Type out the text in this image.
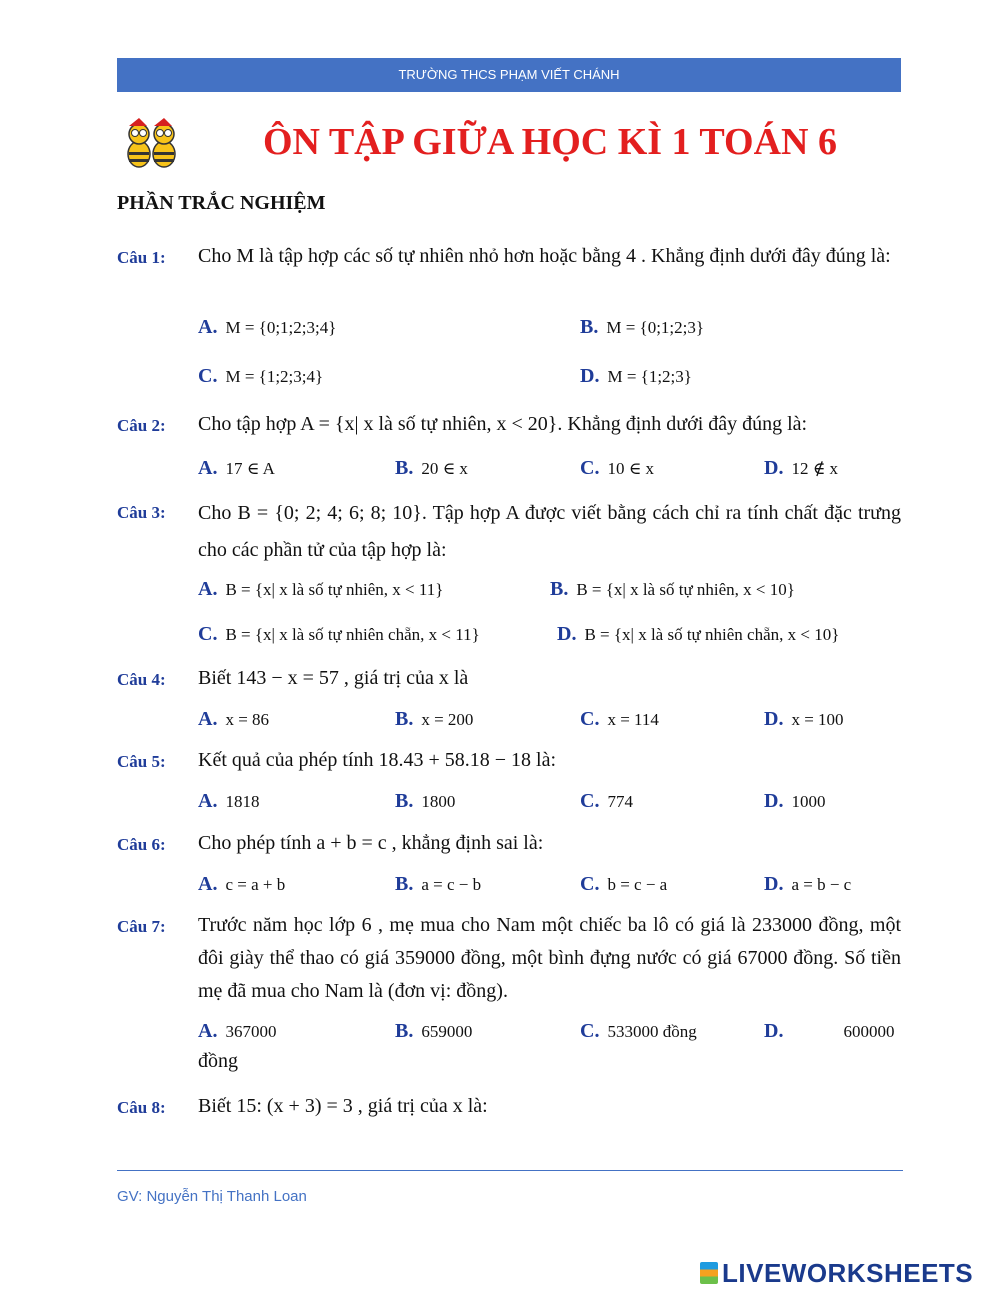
TRƯỜNG THCS PHẠM VIẾT CHÁNH
ÔN TẬP GIỮA HỌC KÌ 1 TOÁN 6
PHẦN TRẮC NGHIỆM
Câu 1: Cho M là tập hợp các số tự nhiên nhỏ hơn hoặc bằng 4 . Khẳng định dưới đây đúng là:
A. M = {0;1;2;3;4}	B. M = {0;1;2;3}
C. M = {1;2;3;4}	D. M = {1;2;3}
Câu 2: Cho tập hợp A = {x| x là số tự nhiên, x < 20}. Khẳng định dưới đây đúng là:
A. 17 ∈ A	B. 20 ∈ x	C. 10 ∈ x	D. 12 ∉ x
Câu 3: Cho B = {0; 2; 4; 6; 8; 10}. Tập hợp A được viết bằng cách chỉ ra tính chất đặc trưng cho các phần tử của tập hợp là:
A. B = {x| x là số tự nhiên, x < 11}	B. B = {x| x là số tự nhiên, x < 10}
C. B = {x| x là số tự nhiên chẵn, x < 11}	D. B = {x| x là số tự nhiên chẵn, x < 10}
Câu 4: Biết 143 − x = 57 , giá trị của x là
A. x = 86	B. x = 200	C. x = 114	D. x = 100
Câu 5: Kết quả của phép tính 18.43 + 58.18 − 18 là:
A. 1818	B. 1800	C. 774	D. 1000
Câu 6: Cho phép tính a + b = c , khẳng định sai là:
A. c = a + b	B. a = c − b	C. b = c − a	D. a = b − c
Câu 7: Trước năm học lớp 6 , mẹ mua cho Nam một chiếc ba lô có giá là 233000 đồng, một đôi giày thể thao có giá 359000 đồng, một bình đựng nước có giá 67000 đồng. Số tiền mẹ đã mua cho Nam là (đơn vị: đồng).
A. 367000	B. 659000	C. 533000 đồng	D.	600000
đồng
Câu 8: Biết 15: (x + 3) = 3 , giá trị của x là:
GV: Nguyễn Thị Thanh Loan
LIVEWORKSHEETS
